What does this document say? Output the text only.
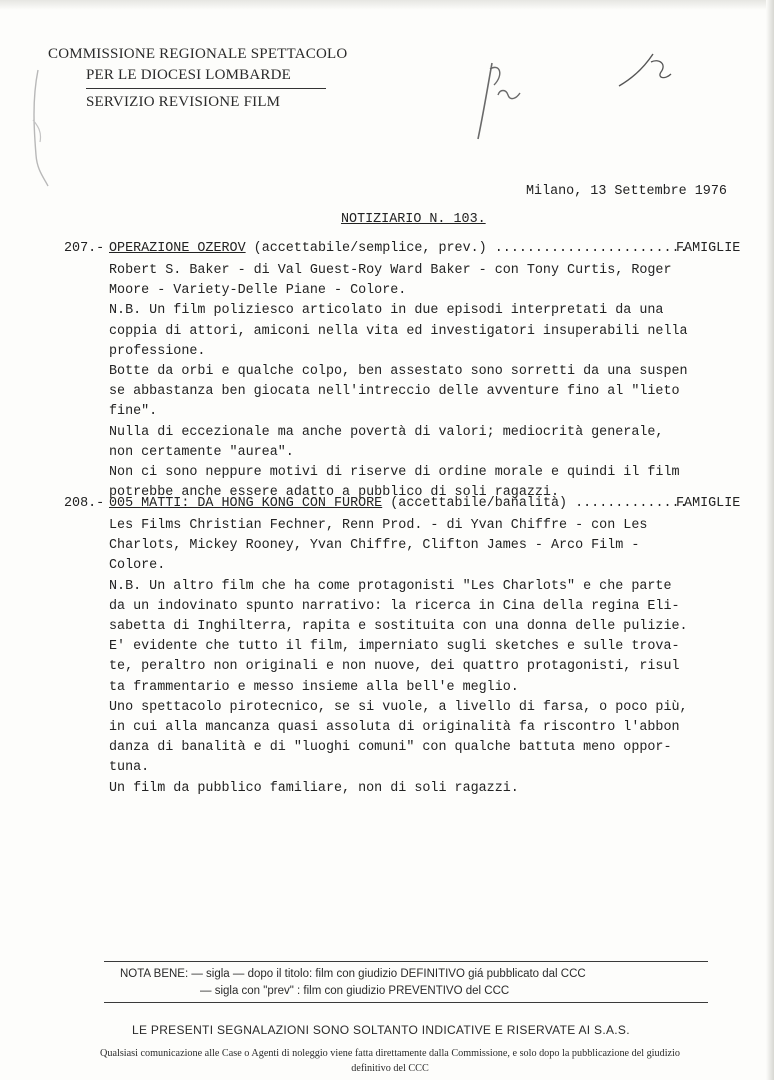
COMMISSIONE REGIONALE SPETTACOLO
PER LE DIOCESI LOMBARDE
SERVIZIO REVISIONE FILM
Milano, 13 Settembre 1976
NOTIZIARIO N. 103.
207.- OPERAZIONE OZEROV (accettabile/semplice, prev.) ........................
FAMIGLIE
Robert S. Baker - di Val Guest-Roy Ward Baker - con Tony Curtis, Roger
Moore - Variety-Delle Piane - Colore.
N.B. Un film poliziesco articolato in due episodi interpretati da una
coppia di attori, amiconi nella vita ed investigatori insuperabili nella
professione.
Botte da orbi e qualche colpo, ben assestato sono sorretti da una suspen
se abbastanza ben giocata nell'intreccio delle avventure fino al "lieto
fine".
Nulla di eccezionale ma anche povertà di valori; mediocrità generale,
non certamente "aurea".
Non ci sono neppure motivi di riserve di ordine morale e quindi il film
potrebbe anche essere adatto a pubblico di soli ragazzi.
208.- 005 MATTI: DA HONG KONG CON FURORE (accettabile/banalità) ..............
FAMIGLIE
Les Films Christian Fechner, Renn Prod. - di Yvan Chiffre - con Les
Charlots, Mickey Rooney, Yvan Chiffre, Clifton James - Arco Film -
Colore.
N.B. Un altro film che ha come protagonisti "Les Charlots" e che parte
da un indovinato spunto narrativo: la ricerca in Cina della regina Eli-
sabetta di Inghilterra, rapita e sostituita con una donna delle pulizie.
E' evidente che tutto il film, imperniato sugli sketches e sulle trova-
te, peraltro non originali e non nuove, dei quattro protagonisti, risul
ta frammentario e messo insieme alla bell'e meglio.
Uno spettacolo pirotecnico, se si vuole, a livello di farsa, o poco più,
in cui alla mancanza quasi assoluta di originalità fa riscontro l'abbon
danza di banalità e di "luoghi comuni" con qualche battuta meno oppor-
tuna.
Un film da pubblico familiare, non di soli ragazzi.
NOTA BENE: — sigla — dopo il titolo: film con giudizio DEFINITIVO giá pubblicato dal CCC
— sigla con "prev" : film con giudizio PREVENTIVO del CCC
LE PRESENTI SEGNALAZIONI SONO SOLTANTO INDICATIVE E RISERVATE AI S.A.S.
Qualsiasi comunicazione alle Case o Agenti di noleggio viene fatta direttamente dalla Commissione, e solo dopo la pubblicazione del giudizio
definitivo del CCC
